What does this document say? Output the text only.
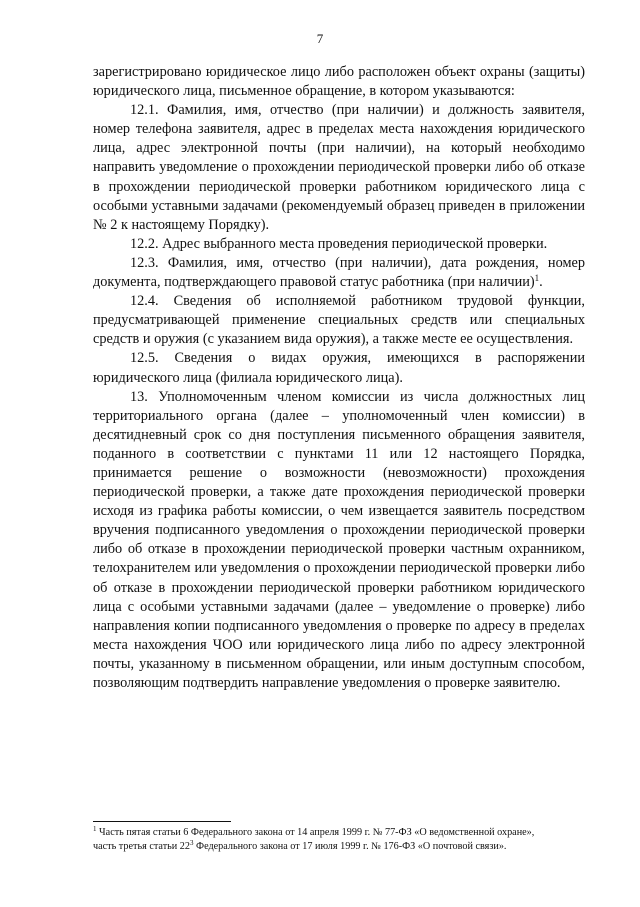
7

зарегистрировано юридическое лицо либо расположен объект охраны (защиты) юридического лица, письменное обращение, в котором указываются:

12.1. Фамилия, имя, отчество (при наличии) и должность заявителя, номер телефона заявителя, адрес в пределах места нахождения юридического лица, адрес электронной почты (при наличии), на который необходимо направить уведомление о прохождении периодической проверки либо об отказе в прохождении периодической проверки работником юридического лица с особыми уставными задачами (рекомендуемый образец приведен в приложении № 2 к настоящему Порядку).

12.2. Адрес выбранного места проведения периодической проверки.

12.3. Фамилия, имя, отчество (при наличии), дата рождения, номер документа, подтверждающего правовой статус работника (при наличии)$^1$.

12.4. Сведения об исполняемой работником трудовой функции, предусматривающей применение специальных средств или специальных средств и оружия (с указанием вида оружия), а также месте ее осуществления.

12.5. Сведения о видах оружия, имеющихся в распоряжении юридического лица (филиала юридического лица).

13. Уполномоченным членом комиссии из числа должностных лиц территориального органа (далее – уполномоченный член комиссии) в десятидневный срок со дня поступления письменного обращения заявителя, поданного в соответствии с пунктами 11 или 12 настоящего Порядка, принимается решение о возможности (невозможности) прохождения периодической проверки, а также дате прохождения периодической проверки исходя из графика работы комиссии, о чем извещается заявитель посредством вручения подписанного уведомления о прохождении периодической проверки либо об отказе в прохождении периодической проверки частным охранником, телохранителем или уведомления о прохождении периодической проверки либо об отказе в прохождении периодической проверки работником юридического лица с особыми уставными задачами (далее – уведомление о проверке) либо направления копии подписанного уведомления о проверке по адресу в пределах места нахождения ЧОО или юридического лица либо по адресу электронной почты, указанному в письменном обращении, или иным доступным способом, позволяющим подтвердить направление уведомления о проверке заявителю.

$^1$ Часть пятая статьи 6 Федерального закона от 14 апреля 1999 г. № 77-ФЗ «О ведомственной охране»,

часть третья статьи 22$^3$ Федерального закона от 17 июля 1999 г. № 176-ФЗ «О почтовой связи».
